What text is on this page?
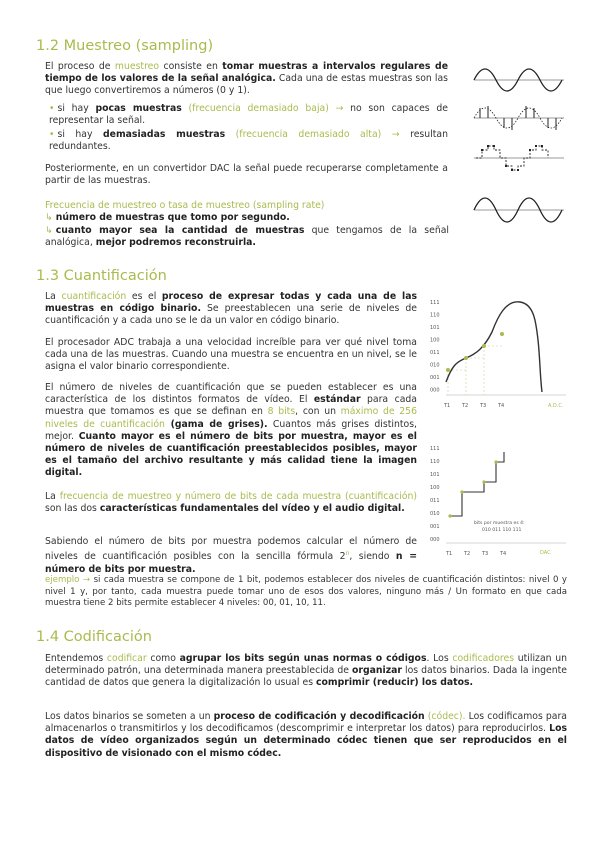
1.2 Muestreo (sampling)

El proceso de muestreo consiste en tomar muestras a intervalos regulares de tiempo de los valores de la señal analógica. Cada una de estas muestras son las que luego convertiremos a números (0 y 1).

• si hay pocas muestras (frecuencia demasiado baja) → no son capaces de representar la señal.
• si hay demasiadas muestras (frecuencia demasiado alta) → resultan redundantes.

Posteriormente, en un convertidor DAC la señal puede recuperarse completamente a partir de las muestras.

Frecuencia de muestreo o tasa de muestreo (sampling rate)
↳ número de muestras que tomo por segundo.
↳ cuanto mayor sea la cantidad de muestras que tengamos de la señal analógica, mejor podremos reconstruirla.
1.3 Cuantificación

La cuantificación es el proceso de expresar todas y cada una de las muestras en código binario. Se preestablecen una serie de niveles de cuantificación y a cada uno se le da un valor en código binario.

El procesador ADC trabaja a una velocidad increíble para ver qué nivel toma cada una de las muestras. Cuando una muestra se encuentra en un nivel, se le asigna el valor binario correspondiente.

El número de niveles de cuantificación que se pueden establecer es una característica de los distintos formatos de vídeo. El estándar para cada muestra que tomamos es que se definan en 8 bits, con un máximo de 256 niveles de cuantificación (gama de grises). Cuantos más grises distintos, mejor. Cuanto mayor es el número de bits por muestra, mayor es el número de niveles de cuantificación preestablecidos posibles, mayor es el tamaño del archivo resultante y más calidad tiene la imagen digital.

La frecuencia de muestreo y número de bits de cada muestra (cuantificación) son las dos características fundamentales del vídeo y el audio digital.

Sabiendo el número de bits por muestra podemos calcular el número de niveles de cuantificación posibles con la sencilla fórmula 2$^n$, siendo n = número de bits por muestra.

ejemplo → si cada muestra se compone de 1 bit, podemos establecer dos niveles de cuantificación distintos: nivel 0 y nivel 1 y, por tanto, cada muestra puede tomar uno de esos dos valores, ninguno más / Un formato en que cada muestra tiene 2 bits permite establecer 4 niveles: 00, 01, 10, 11.

111
110
101
100
011
010
001
000
T1 T2 T3 T4	A.D.C.
111
110
101
100
011
010
001
000
bits por muestra es 4:
010 011 110 111
T1 T2 T3 T4	DAC
1.4 Codificación

Entendemos codificar como agrupar los bits según unas normas o códigos. Los codificadores utilizan un determinado patrón, una determinada manera preestablecida de organizar los datos binarios. Dada la ingente cantidad de datos que genera la digitalización lo usual es comprimir (reducir) los datos.

Los datos binarios se someten a un proceso de codificación y decodificación (códec). Los codificamos para almacenarlos o transmitirlos y los decodificamos (descomprimir e interpretar los datos) para reproducirlos. Los datos de vídeo organizados según un determinado códec tienen que ser reproducidos en el dispositivo de visionado con el mismo códec.
